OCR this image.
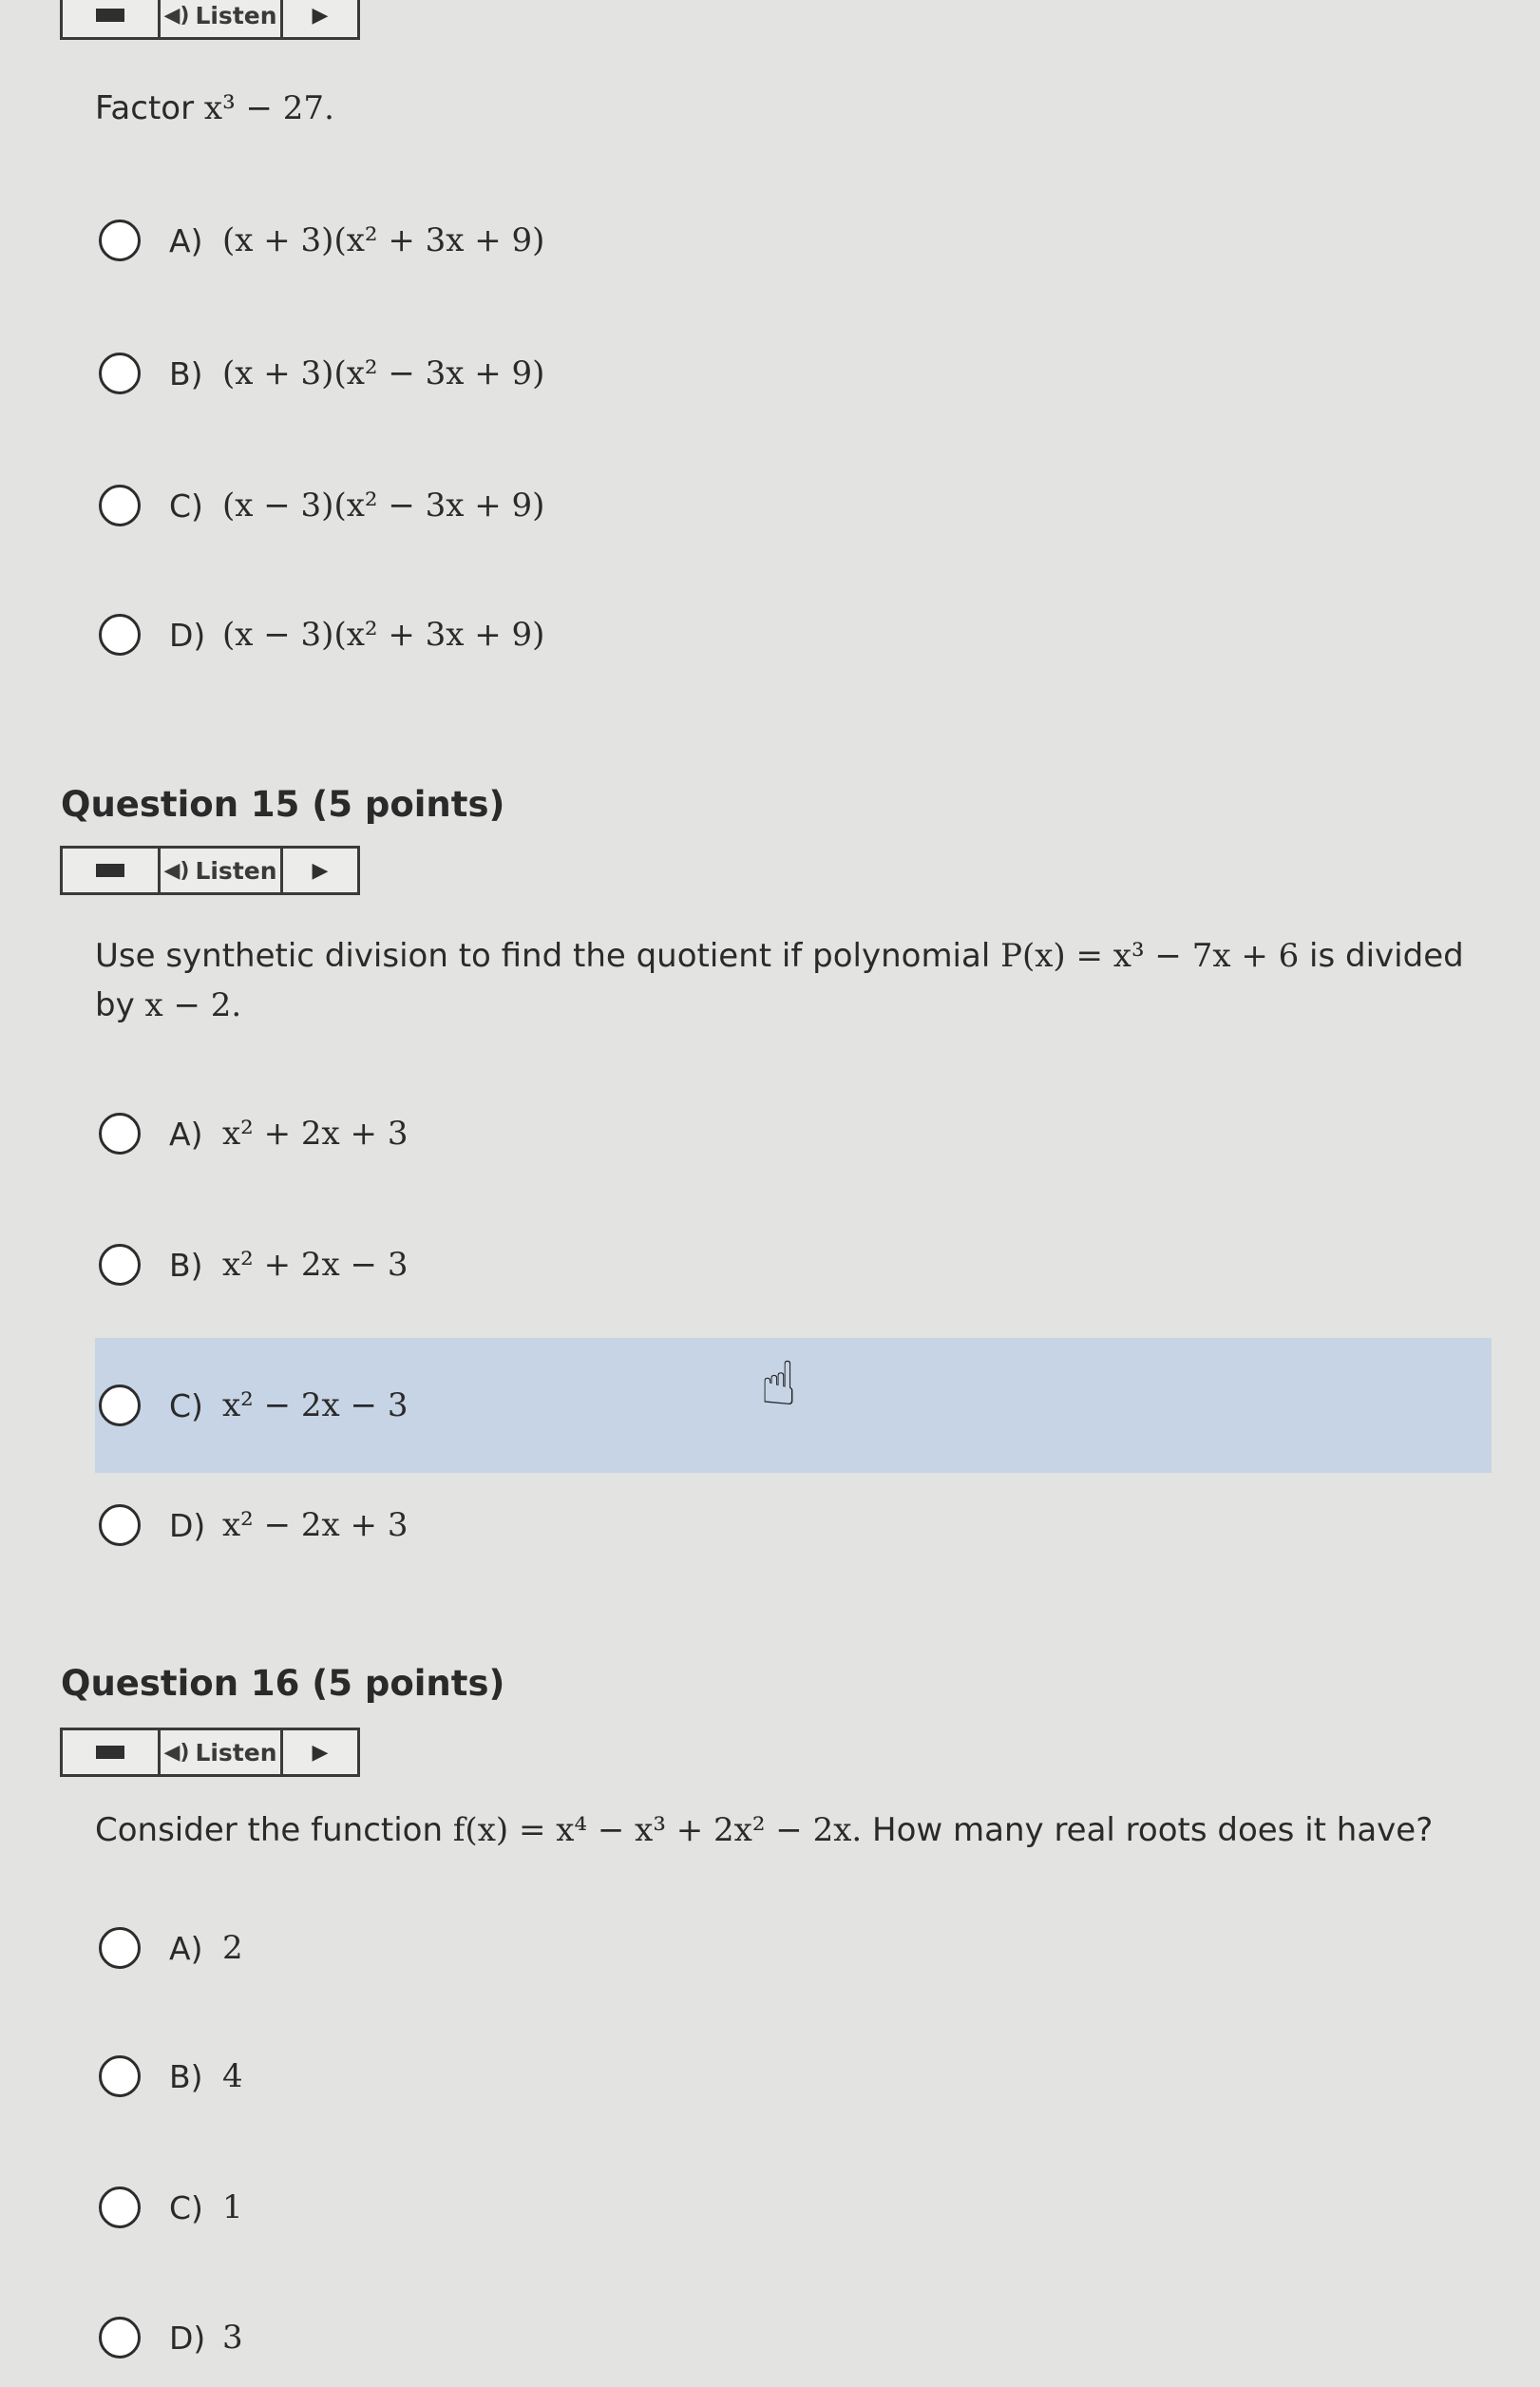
◀) Listen ▶
Factor x³ − 27.
A) (x + 3)(x² + 3x + 9)
B) (x + 3)(x² − 3x + 9)
C) (x − 3)(x² − 3x + 9)
D) (x − 3)(x² + 3x + 9)
Question 15 (5 points)
◀) Listen ▶
Use synthetic division to find the quotient if polynomial P(x) = x³ − 7x + 6 is divided
by x − 2.
A) x² + 2x + 3
B) x² + 2x − 3
C) x² − 2x − 3
D) x² − 2x + 3
☝
Question 16 (5 points)
◀) Listen ▶
Consider the function f(x) = x⁴ − x³ + 2x² − 2x. How many real roots does it have?
A) 2
B) 4
C) 1
D) 3
